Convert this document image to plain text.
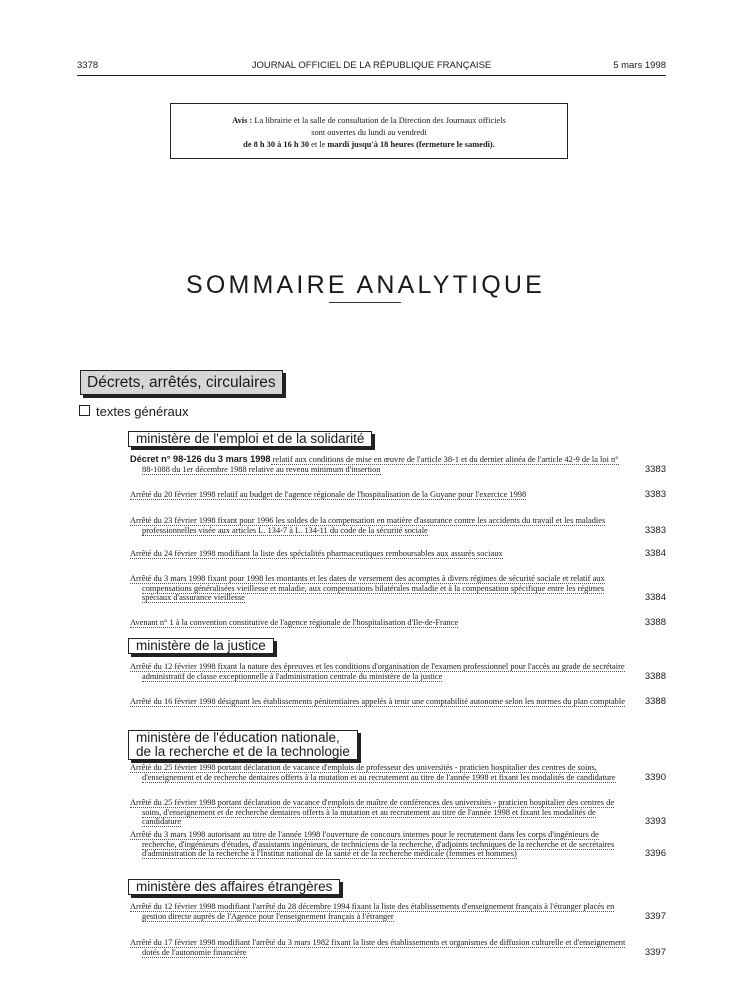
3378	JOURNAL OFFICIEL DE LA RÉPUBLIQUE FRANÇAISE	5 mars 1998

Avis : La librairie et la salle de consultation de la Direction des Journaux officiels

sont ouvertes du lundi au vendredi

de 8 h 30 à 16 h 30 et le mardi jusqu'à 18 heures (fermeture le samedi).

SOMMAIRE ANALYTIQUE
Décrets, arrêtés, circulaires
textes généraux
ministère de l'emploi et de la solidarité
Décret n° 98-126 du 3 mars 1998 relatif aux conditions de mise en œuvre de l'article 38-1 et du dernier alinéa de l'article 42-9 de la loi n° 88-1088 du 1er décembre 1988 relative au revenu minimum d'insertion	3383
Arrêté du 20 février 1998 relatif au budget de l'agence régionale de l'hospitalisation de la Guyane pour l'exercice 1998	3383
Arrêté du 23 février 1998 fixant pour 1996 les soldes de la compensation en matière d'assurance contre les accidents du travail et les maladies professionnelles visée aux articles L. 134-7 à L. 134-11 du code de la sécurité sociale	3383
Arrêté du 24 février 1998 modifiant la liste des spécialités pharmaceutiques remboursables aux assurés sociaux	3384
Arrêté du 3 mars 1998 fixant pour 1998 les montants et les dates de versement des acomptes à divers régimes de sécurité sociale et relatif aux compensations généralisées vieillesse et maladie, aux compensations bilatérales maladie et à la compensation spécifique entre les régimes spéciaux d'assurance vieillesse	3384
Avenant n° 1 à la convention constitutive de l'agence régionale de l'hospitalisation d'Ile-de-France	3388
ministère de la justice
Arrêté du 12 février 1998 fixant la nature des épreuves et les conditions d'organisation de l'examen professionnel pour l'accès au grade de secrétaire administratif de classe exceptionnelle à l'administration centrale du ministère de la justice	3388
Arrêté du 16 février 1998 désignant les établissements pénitentiaires appelés à tenir une comptabilité autonome selon les normes du plan comptable	3388
ministère de l'éducation nationale,
de la recherche et de la technologie
Arrêté du 25 février 1998 portant déclaration de vacance d'emplois de professeur des universités - praticien hospitalier des centres de soins, d'enseignement et de recherche dentaires offerts à la mutation et au recrutement au titre de l'année 1998 et fixant les modalités de candidature	3390
Arrêté du 25 février 1998 portant déclaration de vacance d'emplois de maître de conférences des universités - praticien hospitalier des centres de soins, d'enseignement et de recherche dentaires offerts à la mutation et au recrutement au titre de l'année 1998 et fixant les modalités de candidature	3393
Arrêté du 3 mars 1998 autorisant au titre de l'année 1998 l'ouverture de concours internes pour le recrutement dans les corps d'ingénieurs de recherche, d'ingénieurs d'études, d'assistants ingénieurs, de techniciens de la recherche, d'adjoints techniques de la recherche et de secrétaires d'administration de la recherche à l'Institut national de la santé et de la recherche médicale (femmes et hommes)	3396
ministère des affaires étrangères
Arrêté du 12 février 1998 modifiant l'arrêté du 28 décembre 1994 fixant la liste des établissements d'enseignement français à l'étranger placés en gestion directe auprès de l'Agence pour l'enseignement français à l'étranger	3397
Arrêté du 17 février 1998 modifiant l'arrêté du 3 mars 1982 fixant la liste des établissements et organismes de diffusion culturelle et d'enseignement dotés de l'autonomie financière	3397
